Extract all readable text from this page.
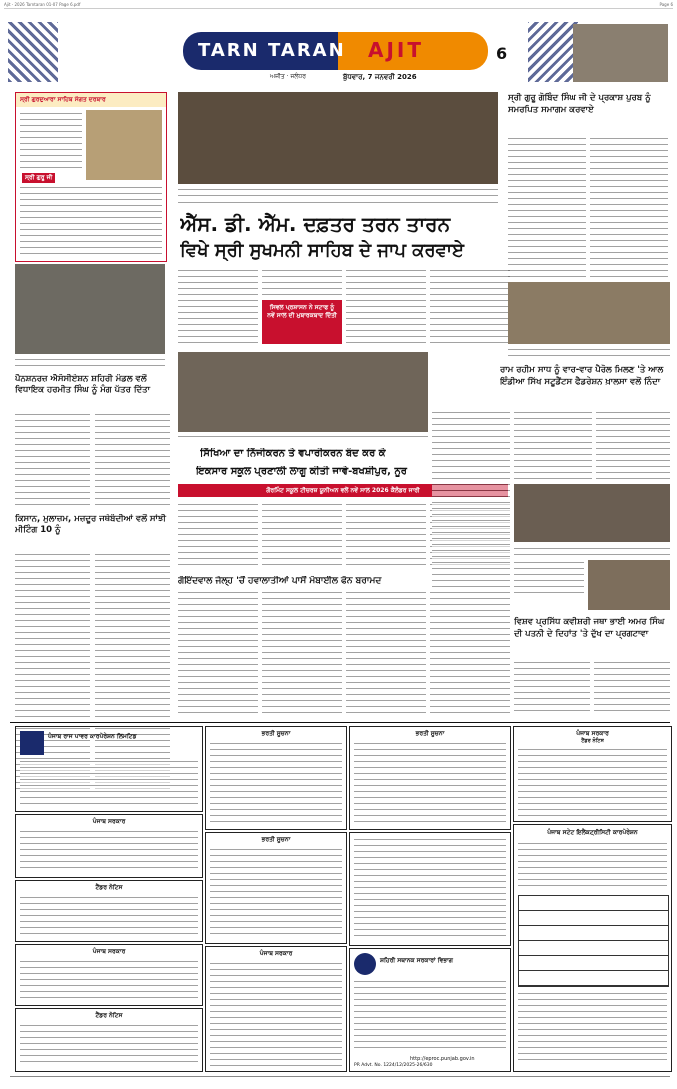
Ajit - 2026 Tarntaran 01-07 Page 6.pdf	Page 6
TARN TARAN AJIT
ਅਜੀਤ · ਜਲੰਧਰ	ਬੁੱਧਵਾਰ, 7 ਜਨਵਰੀ 2026
6
ਸ੍ਰੀ ਗੁਰਦੁਆਰਾ ਸਾਹਿਬ ਸੰਗਤ ਦਰਬਾਰ
ਸ੍ਰੀ ਗੁਰੂ ਜੀ
ਪੈਨਸ਼ਨਰਜ਼ ਐਸੋਸੀਏਸ਼ਨ ਸ਼ਹਿਰੀ ਮੰਡਲ ਵਲੋਂ ਵਿਧਾਇਕ ਹਰਮੀਤ ਸਿੰਘ ਨੂੰ ਮੰਗ ਪੱਤਰ ਦਿੱਤਾ
ਕਿਸਾਨ, ਮੁਲਾਜ਼ਮ, ਮਜ਼ਦੂਰ ਜਥੇਬੰਦੀਆਂ ਵਲੋਂ ਸਾਂਝੀ ਮੀਟਿੰਗ 10 ਨੂੰ
ਐੱਸ. ਡੀ. ਐੱਮ. ਦਫ਼ਤਰ ਤਰਨ ਤਾਰਨ
ਵਿਖੇ ਸ੍ਰੀ ਸੁਖਮਨੀ ਸਾਹਿਬ ਦੇ ਜਾਪ ਕਰਵਾਏ
ਸਿਵਲ ਪ੍ਰਸ਼ਾਸਨ ਨੇ ਸਟਾਫ ਨੂੰ ਨਵੇਂ ਸਾਲ ਦੀ ਮੁਬਾਰਕਬਾਦ ਦਿੱਤੀ
ਸਿੱਖਿਆ ਦਾ ਨਿੱਜੀਕਰਨ ਤੇ ਵਪਾਰੀਕਰਨ ਬੰਦ ਕਰ ਕੇ
ਇਕਸਾਰ ਸਕੂਲ ਪ੍ਰਣਾਲੀ ਲਾਗੂ ਕੀਤੀ ਜਾਵੇ-ਬਖਸ਼ੀਪੁਰ, ਨੂਰ
ਗੌਰਮਿੰਟ ਸਕੂਲ ਟੀਚਰਜ਼ ਯੂਨੀਅਨ ਵਲੋਂ ਨਵੇਂ ਸਾਲ 2026 ਕੈਲੰਡਰ ਜਾਰੀ
ਗੋਇੰਦਵਾਲ ਜੇਲ੍ਹ 'ਚੋਂ ਹਵਾਲਾਤੀਆਂ ਪਾਸੋਂ ਮੋਬਾਈਲ ਫੋਨ ਬਰਾਮਦ
ਸ੍ਰੀ ਗੁਰੂ ਗੋਬਿੰਦ ਸਿੰਘ ਜੀ ਦੇ ਪ੍ਰਕਾਸ਼ ਪੁਰਬ ਨੂੰ ਸਮਰਪਿਤ ਸਮਾਗਮ ਕਰਵਾਏ
ਰਾਮ ਰਹੀਮ ਸਾਧ ਨੂੰ ਵਾਰ-ਵਾਰ ਪੈਰੋਲ ਮਿਲਣ 'ਤੇ ਆਲ ਇੰਡੀਆ ਸਿੱਖ ਸਟੂਡੈਂਟਸ ਫੈਡਰੇਸ਼ਨ ਖ਼ਾਲਸਾ ਵਲੋਂ ਨਿੰਦਾ
ਵਿਸ਼ਵ ਪ੍ਰਸਿੱਧ ਕਵੀਸ਼ਰੀ ਜਥਾ ਭਾਈ ਅਮਰ ਸਿੰਘ ਦੀ ਪਤਨੀ ਦੇ ਦਿਹਾਂਤ 'ਤੇ ਦੁੱਖ ਦਾ ਪ੍ਰਗਟਾਵਾ
ਪੰਜਾਬ ਰਾਜ ਪਾਵਰ ਕਾਰਪੋਰੇਸ਼ਨ ਲਿਮਟਿਡ
ਪੰਜਾਬ ਸਰਕਾਰ
ਟੈਂਡਰ ਨੋਟਿਸ
ਪੰਜਾਬ ਸਰਕਾਰ
ਟੈਂਡਰ ਨੋਟਿਸ
ਭਰਤੀ ਸੂਚਨਾ
ਭਰਤੀ ਸੂਚਨਾ
ਪੰਜਾਬ ਸਰਕਾਰ
ਭਰਤੀ ਸੂਚਨਾ
ਸ਼ਹਿਰੀ ਸਥਾਨਕ ਸਰਕਾਰਾਂ ਵਿਭਾਗ
http://eproc.punjab.gov.in
PR Advt. No. 1224/12/2025-26/630
ਪੰਜਾਬ ਸਰਕਾਰ
ਟੈਂਡਰ ਨੋਟਿਸ
ਪੰਜਾਬ ਸਟੇਟ ਇਲੈਕਟ੍ਰੀਸਿਟੀ ਕਾਰਪੋਰੇਸ਼ਨ
